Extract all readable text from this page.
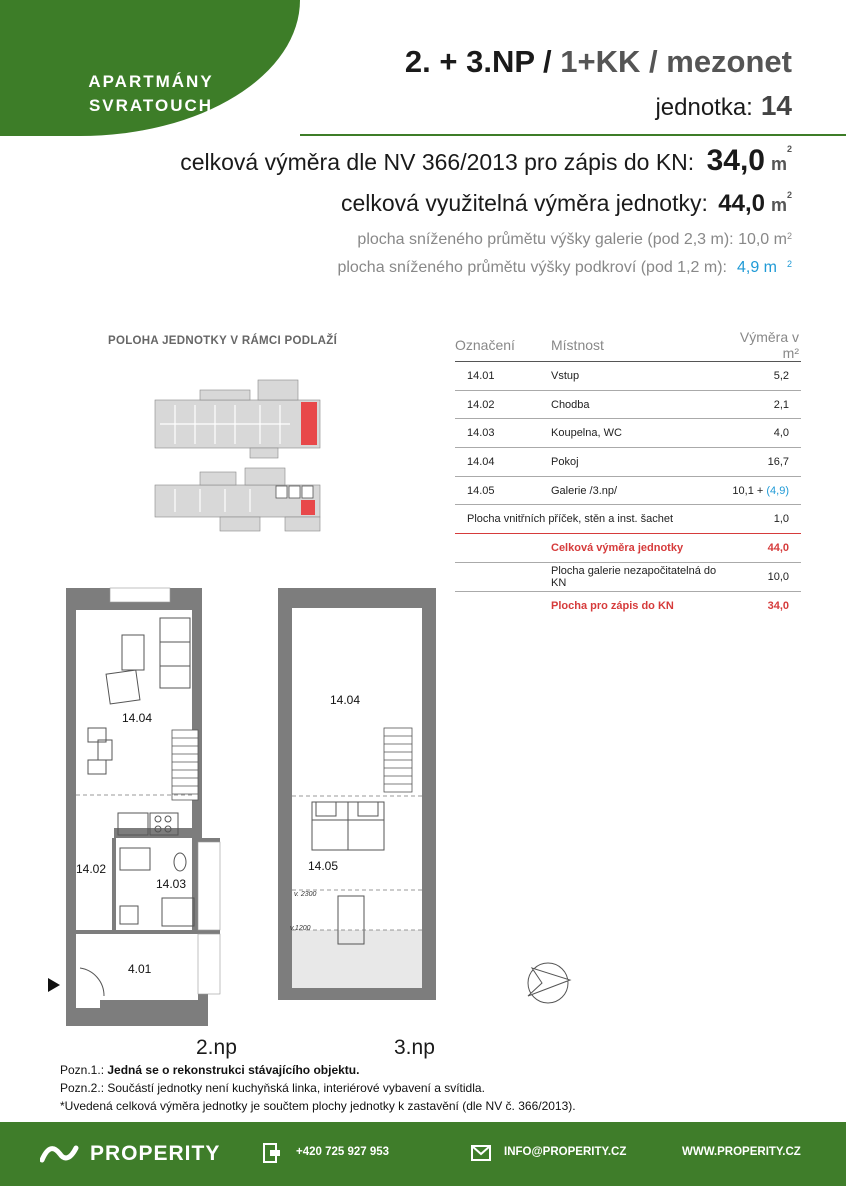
APARTMÁNY
SVRATOUCH
2. + 3.NP / 1+KK / mezonet
jednotka: 14
celková výměra dle NV 366/2013 pro zápis do KN: 34,0 $m^2$
celková využitelná výměra jednotky: 44,0 $m^2$
plocha sníženého průmětu výšky galerie (pod 2,3 m): 10,0 $m^2$
plocha sníženého průmětu výšky podkroví (pod 1,2 m): 4,9 m $^2$
POLOHA JEDNOTKY V RÁMCI PODLAŽÍ	Označení	Místnost	Výměra v m²
14.01	Vstup	5,2
14.02	Chodba	2,1
14.03	Koupelna, WC	4,0
14.04	Pokoj	16,7
14.05	Galerie /3.np/	10,1 + (4,9)
Plocha vnitřních příček, stěn a inst. šachet		1,0
	Celková výměra jednotky	44,0
	Plocha galerie nezapočitatelná do KN	10,0
	Plocha pro zápis do KN	34,0
14.04
14.02
14.03
4.01
14.04
14.05
v. 2300
v.1200
2.np	3.np
Pozn.1.: Jedná se o rekonstrukci stávajícího objektu.
Pozn.2.: Součástí jednotky není kuchyňská linka, interiérové vybavení a svítidla.
*Uvedená celková výměra jednotky je součtem plochy jednotky k zastavění (dle NV č. 366/2013).
PROPERITY	+420 725 927 953	INFO@PROPERITY.CZ	WWW.PROPERITY.CZ
